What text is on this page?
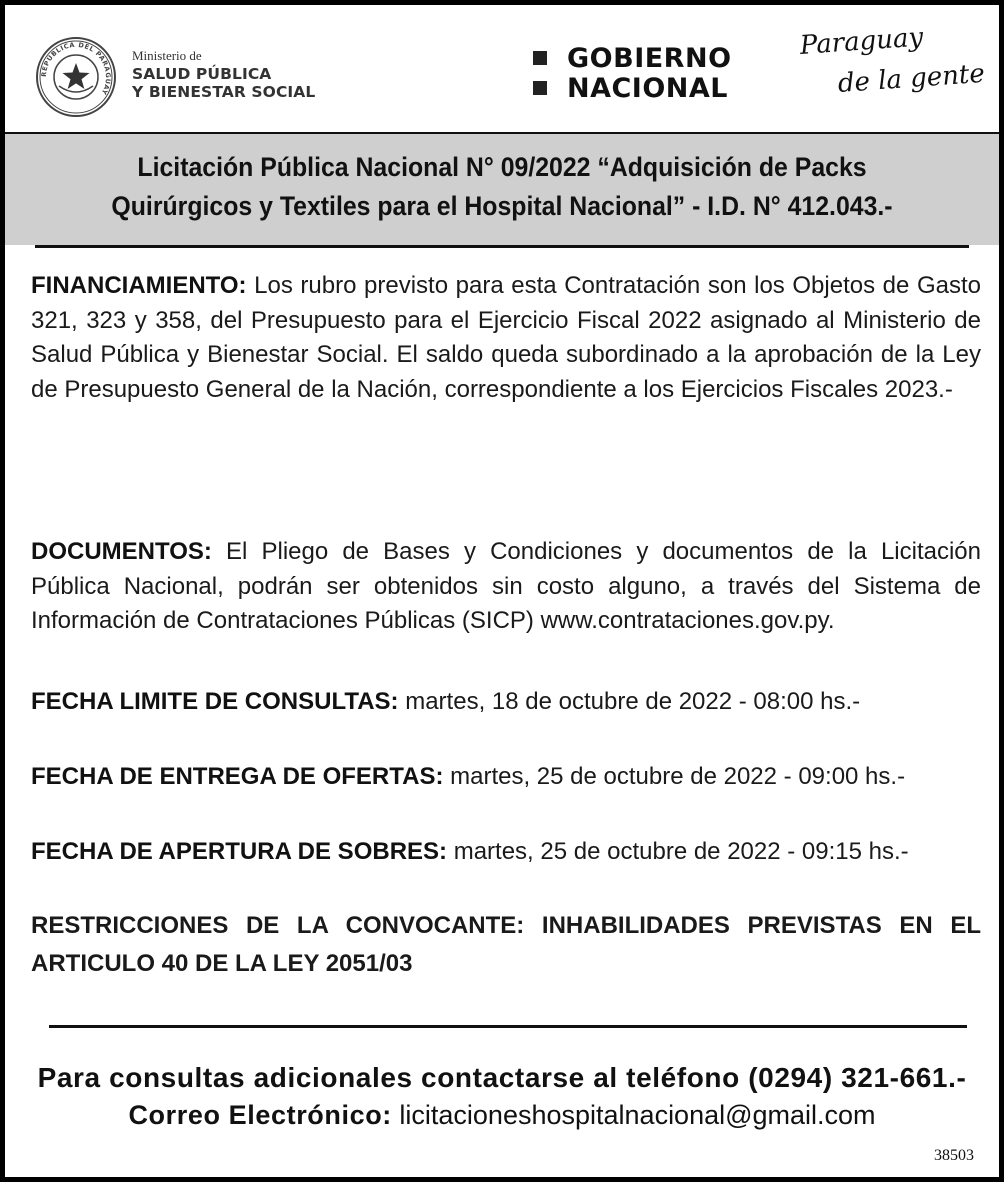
REPÚBLICA DEL PARAGUAY
Ministerio de
SALUD PÚBLICA
Y BIENESTAR SOCIAL
GOBIERNO
NACIONAL
Paraguay
de la gente
Licitación Pública Nacional N° 09/2022 “Adquisición de Packs
Quirúrgicos y Textiles para el Hospital Nacional” - I.D. N° 412.043.-
FINANCIAMIENTO: Los rubro previsto para esta Contratación son los Objetos de Gasto 321, 323 y 358, del Presupuesto para el Ejercicio Fiscal 2022 asignado al Ministerio de Salud Pública y Bienestar Social. El saldo queda subordinado a la aprobación de la Ley de Presupuesto General de la Nación, correspondiente a los Ejercicios Fiscales 2023.-
DOCUMENTOS: El Pliego de Bases y Condiciones y documentos de la Licitación Pública Nacional, podrán ser obtenidos sin costo alguno, a través del Sistema de Información de Contrataciones Públicas (SICP) www.contrataciones.gov.py.
FECHA LIMITE DE CONSULTAS: martes, 18 de octubre de 2022 - 08:00 hs.-
FECHA DE ENTREGA DE OFERTAS: martes, 25 de octubre de 2022 - 09:00 hs.-
FECHA DE APERTURA DE SOBRES: martes, 25 de octubre de 2022 - 09:15 hs.-
RESTRICCIONES DE LA CONVOCANTE: INHABILIDADES PREVISTAS EN EL
ARTICULO 40 DE LA LEY 2051/03
Para consultas adicionales contactarse al teléfono (0294) 321-661.-
Correo Electrónico: licitacioneshospitalnacional@gmail.com
38503
